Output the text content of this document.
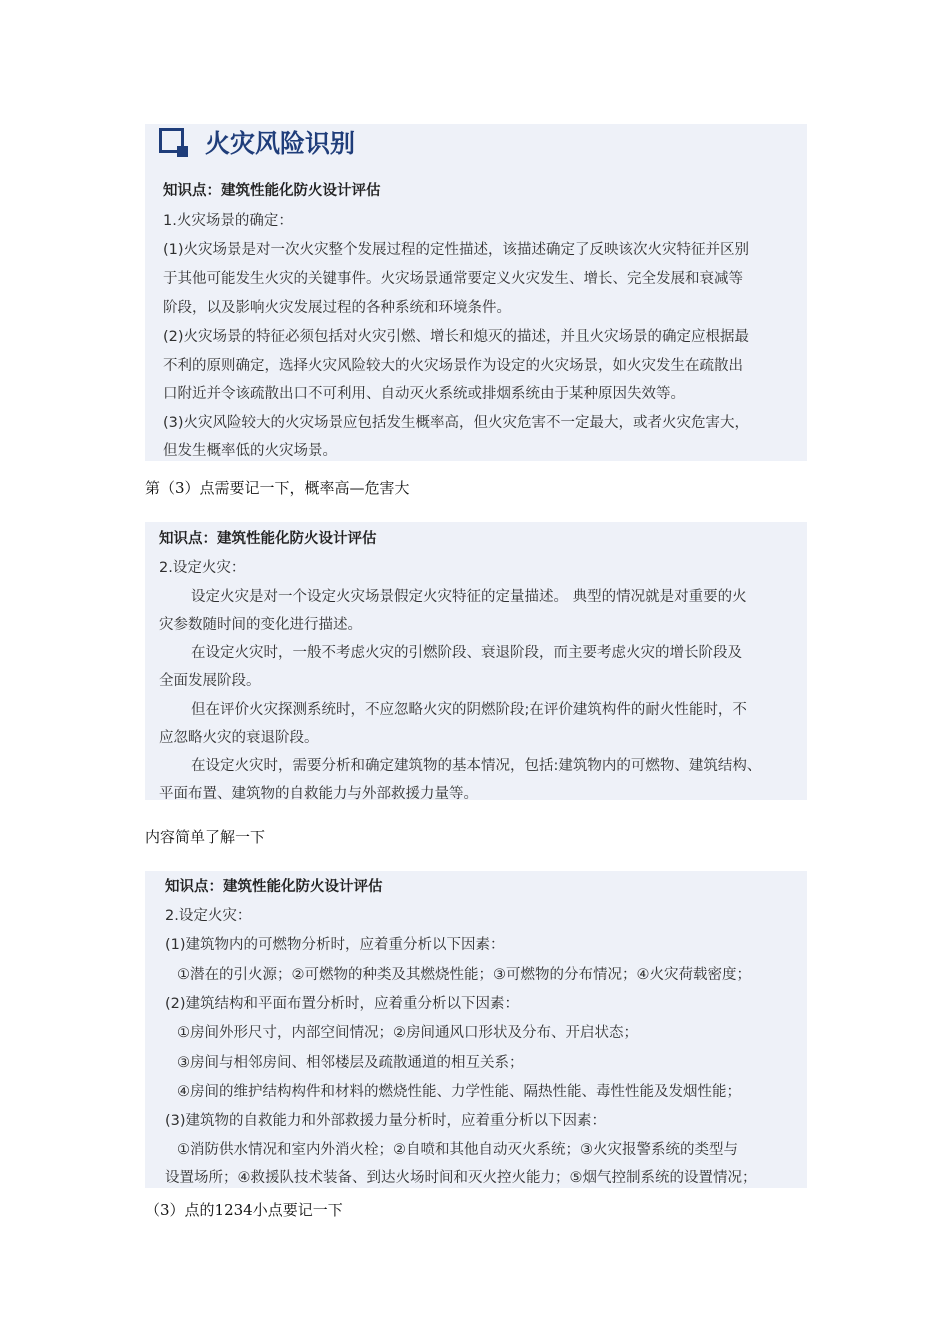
火灾风险识别
知识点：建筑性能化防火设计评估
1.火灾场景的确定：
(1)火灾场景是对一次火灾整个发展过程的定性描述，该描述确定了反映该次火灾特征并区别
于其他可能发生火灾的关键事件。火灾场景通常要定义火灾发生、增长、完全发展和衰减等
阶段，以及影响火灾发展过程的各种系统和环境条件。
(2)火灾场景的特征必须包括对火灾引燃、增长和熄灭的描述，并且火灾场景的确定应根据最
不利的原则确定，选择火灾风险较大的火灾场景作为设定的火灾场景，如火灾发生在疏散出
口附近并令该疏散出口不可利用、自动灭火系统或排烟系统由于某种原因失效等。
(3)火灾风险较大的火灾场景应包括发生概率高，但火灾危害不一定最大，或者火灾危害大，
但发生概率低的火灾场景。
第（3）点需要记一下，概率高—危害大
知识点：建筑性能化防火设计评估
2.设定火灾：
设定火灾是对一个设定火灾场景假定火灾特征的定量描述。 典型的情况就是对重要的火
灾参数随时间的变化进行描述。
在设定火灾时，一般不考虑火灾的引燃阶段、衰退阶段，而主要考虑火灾的增长阶段及
全面发展阶段。
但在评价火灾探测系统时，不应忽略火灾的阴燃阶段;在评价建筑构件的耐火性能时，不
应忽略火灾的衰退阶段。
在设定火灾时，需要分析和确定建筑物的基本情况，包括:建筑物内的可燃物、建筑结构、
平面布置、建筑物的自救能力与外部救援力量等。
内容简单了解一下
知识点：建筑性能化防火设计评估
2.设定火灾：
(1)建筑物内的可燃物分析时，应着重分析以下因素：
①潜在的引火源；②可燃物的种类及其燃烧性能；③可燃物的分布情况；④火灾荷载密度；
(2)建筑结构和平面布置分析时，应着重分析以下因素：
①房间外形尺寸，内部空间情况；②房间通风口形状及分布、开启状态；
③房间与相邻房间、相邻楼层及疏散通道的相互关系；
④房间的维护结构构件和材料的燃烧性能、力学性能、隔热性能、毒性性能及发烟性能；
(3)建筑物的自救能力和外部救援力量分析时，应着重分析以下因素：
①消防供水情况和室内外消火栓；②自喷和其他自动灭火系统；③火灾报警系统的类型与
设置场所；④救援队技术装备、到达火场时间和灭火控火能力；⑤烟气控制系统的设置情况；
（3）点的1234小点要记一下
